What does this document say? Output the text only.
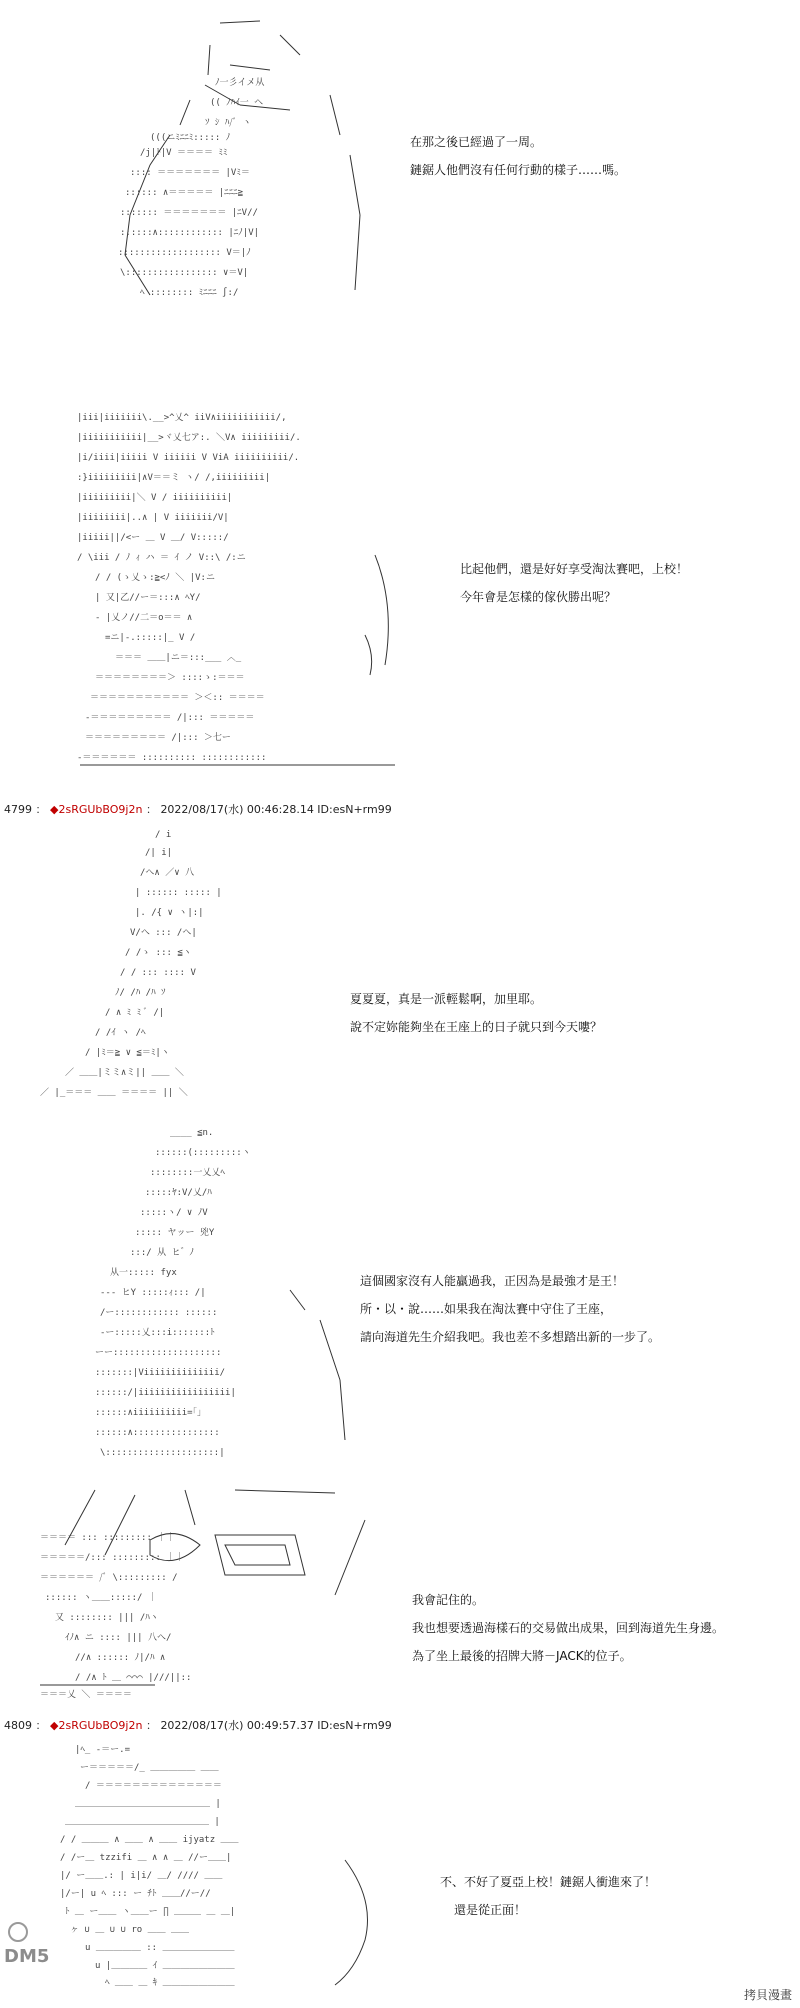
ﾉ一彡イメ从
(( ﾉﾊｲ一 ヘ
ｿ ｼ ﾊ/ﾞ ヽ
(((ニﾐﾆﾆﾐ::::: ﾉ
/j|ﾄ|V ＝＝＝＝ ﾐﾐ
:::: ＝＝＝＝＝＝＝ |Vﾐ＝
:::::: ∧＝＝＝＝＝ |ﾆﾆﾆ≧
::::::: ＝＝＝＝＝＝＝ |ﾆV//
::::::∧:::::::::::: |ﾆﾉ|V|
::::::::::::::::::: V＝|ﾉ
\::::::::::::::::: ∨＝V|
ﾍ :::::::: ﾐﾆﾆﾆ ∫:/
在那之後已經過了一周。
鏈鋸人他們沒有任何行動的樣子……嗎。
|iii|iiiiiii\.__>^乂^ iiV∧iiiiiiiiiii/,
|iiiiiiiiiii|__>ヾ乂七ア:. ＼V∧ iiiiiiiii/.
|i/iiii|iiiii V iiiiii V ViA iiiiiiiiii/.
:}iiiiiiiii|∧V＝＝ミ ヽ/ /,iiiiiiiii|
|iiiiiiiii|＼ V / iiiiiiiiii|
|iiiiiiii|..∧ | V iiiiiii/V|
|iiiii||/<ー ＿ V ＿/ V:::::/
/ \iii / ﾉ ｨ ハ ＝ ｲ ノ V::\ /:ニ
/ / (ゝ乂ゝ:≧<ﾉ ＼ |V:ニ
| 又|乙//ー＝:::∧ ﾍY/
- |乂ノ//二＝o＝＝ ∧
=ニ|-.:::::|_ V /
＝＝＝ ＿＿|ニ＝:::___ ︿_
＝＝＝＝＝＝＝＝＞ ::::ゝ:＝＝＝
＝＝＝＝＝＝＝＝＝＝＝ ＞＜:: ＝＝＝＝
-＝＝＝＝＝＝＝＝＝ /|::: ＝＝＝＝＝
＝＝＝＝＝＝＝＝＝ /|::: ＞七ー
-＝＝＝＝＝＝ :::::::::: ::::::::::::
比起他們，還是好好享受淘汰賽吧，上校！
今年會是怎樣的傢伙勝出呢？
4799 ： ◆2sRGUbBO9j2n ： 2022/08/17(水) 00:46:28.14 ID:esN+rm99
/ i
/| i|
/へ∧ ／∨ 八
| :::::: ::::: |
|. /{ ∨ ヽ|:|
V/へ ::: /へ|
/ /ゝ ::: ≦ヽ
/ / ::: :::: V
ﾉ/ /ﾊ /ﾊ ｿ
/ ∧ ﾐ ﾐ ﾞ /|
/ /ｲ ヽ /ﾍ
/ |ﾐ＝≧ ∨ ≦＝ﾐ|ヽ
／ ＿＿|ミミ∧ミ|| ＿＿ ＼
／ |_＝＝＝ ＿＿ ＝＝＝＝ || ＼
夏夏夏，真是一派輕鬆啊，加里耶。
說不定妳能夠坐在王座上的日子就只到今天嘍？
____ ≦n.
::::::(:::::::::ヽ
::::::::一乂乂ﾍ
:::::ﾔ:V/乂/ﾊ
:::::ヽ/ ∨ ﾉV
::::: ヤッー 兇Y
:::/ 从 ヒ゛ﾉ
从一::::: fyx
--- ヒY :::::ｨ::: /|
/ー:::::::::::: ::::::
-ー:::::乂:::i:::::::ﾄ
ーー::::::::::::::::::::
:::::::|Viiiiiiiiiiiiii/
::::::/|iiiiiiiiiiiiiiiii|
::::::∧iiiiiiiiii=｢｣
::::::∧::::::::::::::::
\:::::::::::::::::::::|
這個國家沒有人能贏過我，正因為是最強才是王！
所・以・說……如果我在淘汰賽中守住了王座，
請向海道先生介紹我吧。我也差不多想踏出新的一步了。
＝＝＝＝ ::: ::::::::: ｜｜
＝＝＝＝＝/::: ::::::::: ｜｜
＝＝＝＝＝＝ /ﾞ \::::::::: /
:::::: ヽ＿＿:::::/ ｜
又 :::::::: ||| /ﾊヽ
ｲﾉ∧ ニ :::: ||| 八へ/
//∧ :::::: ﾉ|/ﾊ ∧
/ /∧ ﾄ ＿ ⌒⌒⌒ |///||::
＝＝＝乂 ＼ ＝＝＝＝
我會記住的。
我也想要透過海樣石的交易做出成果，回到海道先生身邊。
為了坐上最後的招牌大將－JACK的位子。
4809 ： ◆2sRGUbBO9j2n ： 2022/08/17(水) 00:49:57.37 ID:esN+rm99
|ﾍ_ -＝ー.=
ー＝＝＝＝＝/_ ＿＿＿＿＿ ＿＿
/ ＝＝＝＝＝＝＝＝＝＝＝＝＝＝
＿＿＿＿＿＿＿＿＿＿＿＿＿＿＿ |
＿＿＿＿＿＿＿＿＿＿＿＿＿＿＿＿ |
/ / ＿＿＿ ∧ ＿＿ ∧ ＿＿ ijyatz ＿＿
/ /ー＿ tzzifi ＿ ∧ ∧ ＿ //ー＿＿|
|/ ー＿＿.: | i|i/ ＿/ //// ＿＿
|/ー| u ﾍ ::: ー ﾁﾄ ＿＿//ー//
ﾄ ＿ ー＿＿ ヽ＿＿ー ∏ ＿＿＿ ＿ ＿|
ヶ ∪ ＿ ∪ ∪ ro ＿＿ ＿＿
u ＿＿＿＿＿ :: ＿＿＿＿＿＿＿＿
u |＿＿＿＿ ｲ ＿＿＿＿＿＿＿＿
ﾍ ＿＿ ＿ ｷ ＿＿＿＿＿＿＿＿
不、不好了夏亞上校！鏈鋸人衝進來了！
還是從正面！
DM5
拷貝漫畫
